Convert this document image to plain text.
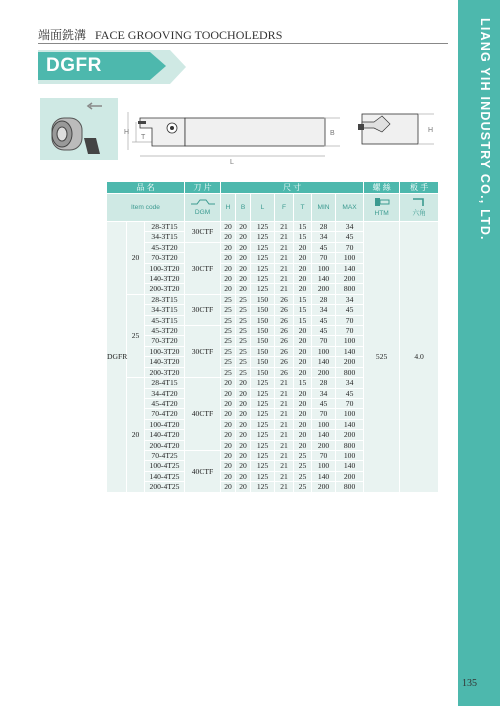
LIANG YIH INDUSTRY CO., LTD.
135
端面銑溝 FACE GROOVING TOOCHOLEDRS
DGFR
H
T
B
L
H
品 名			刀 片	尺 寸							螺 絲	板 手
Item code			DGM	H	B	L	F	T	MIN	MAX	HTM	六角
DGFR	20	28-3T15	30CTF	20	20	125	21	15	28	34	525	4.0
		34-3T15		20	20	125	21	15	34	45		
		45-3T20	30CTF	20	20	125	21	20	45	70		
		70-3T20		20	20	125	21	20	70	100		
		100-3T20		20	20	125	21	20	100	140		
		140-3T20		20	20	125	21	20	140	200		
		200-3T20		20	20	125	21	20	200	800		
	25	28-3T15	30CTF	25	25	150	26	15	28	34		
		34-3T15		25	25	150	26	15	34	45		
		45-3T15		25	25	150	26	15	45	70		
		45-3T20	30CTF	25	25	150	26	20	45	70		
		70-3T20		25	25	150	26	20	70	100		
		100-3T20		25	25	150	26	20	100	140		
		140-3T20		25	25	150	26	20	140	200		
		200-3T20		25	25	150	26	20	200	800		
	20	28-4T15	40CTF	20	20	125	21	15	28	34		
		34-4T20		20	20	125	21	20	34	45		
		45-4T20		20	20	125	21	20	45	70		
		70-4T20		20	20	125	21	20	70	100		
		100-4T20		20	20	125	21	20	100	140		
		140-4T20		20	20	125	21	20	140	200		
		200-4T20		20	20	125	21	20	200	800		
		70-4T25	40CTF	20	20	125	21	25	70	100		
		100-4T25		20	20	125	21	25	100	140		
		140-4T25		20	20	125	21	25	140	200		
		200-4T25		20	20	125	21	25	200	800		
